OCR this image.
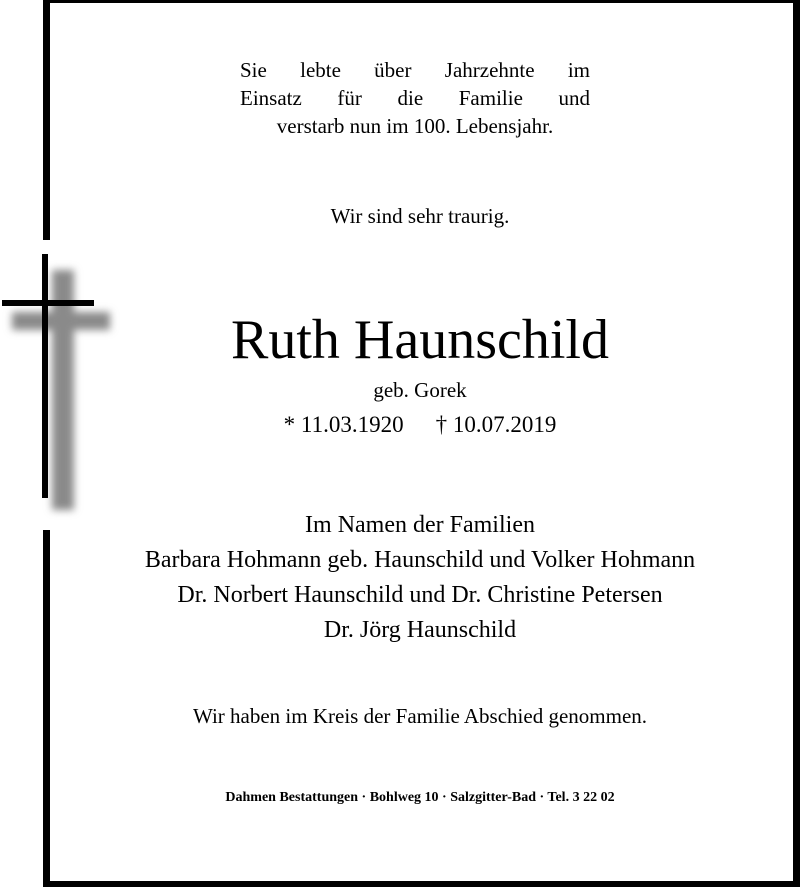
Sie lebte über Jahrzehnte im
Einsatz für die Familie und
verstarb nun im 100. Lebensjahr.
Wir sind sehr traurig.
Ruth Haunschild
geb. Gorek
* 11.03.1920 † 10.07.2019
Im Namen der Familien
Barbara Hohmann geb. Haunschild und Volker Hohmann
Dr. Norbert Haunschild und Dr. Christine Petersen
Dr. Jörg Haunschild
Wir haben im Kreis der Familie Abschied genommen.
Dahmen Bestattungen · Bohlweg 10 · Salzgitter-Bad · Tel. 3 22 02
